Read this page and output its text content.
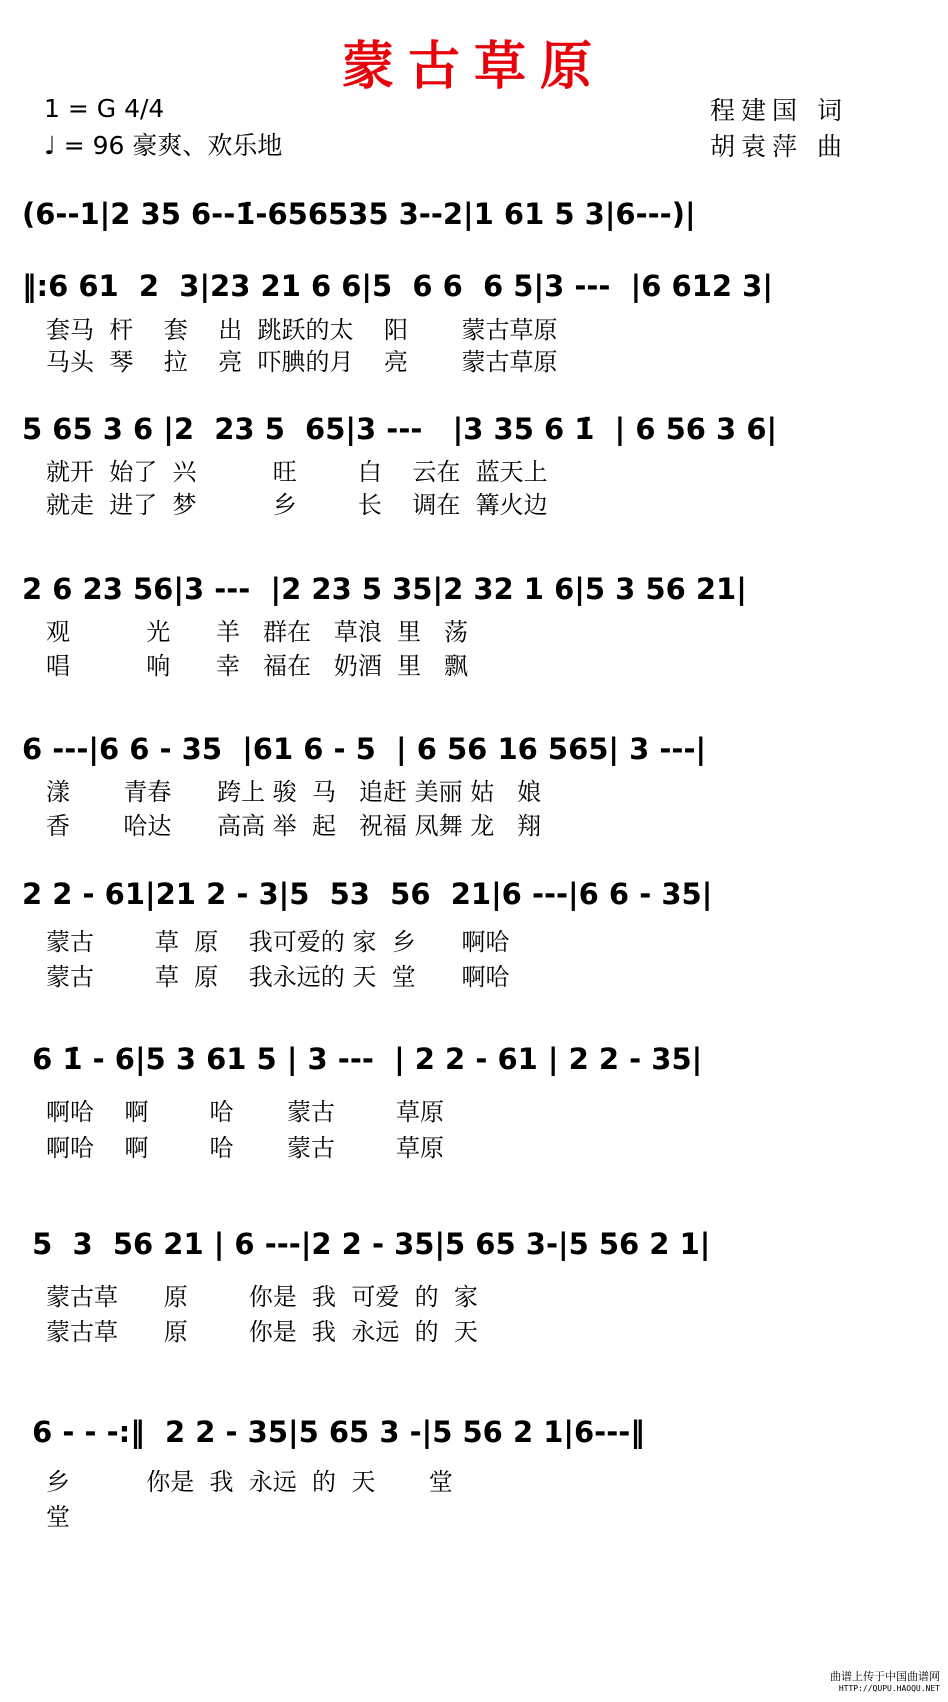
蒙古草原
1 = G 4/4
♩ = 96 豪爽、欢乐地
程建国 词
胡袁萍 曲
(6--1|2 35 6--1̇-656535 3--2|1 61 5 3|6---)|
‖:6 61  2  3|23 21 6 6|5  6 6  6 5|3 ---  |6 612 3|
套马  杆    套    出  跳跃的太    阳       蒙古草原
马头  琴    拉    亮  吓腆的月    亮       蒙古草原
5 65 3 6 |2  23 5  65|3 ---   |3 35 6 1̇  | 6 56 3 6|
就开  始了  兴          旺        白    云在  蓝天上
就走  进了  梦          乡        长    调在  篝火边
2 6 23 56|3 ---  |2 23 5 35|2 32 1 6|5 3 56 21|
观          光      羊   群在   草浪  里   荡
唱          响      幸   福在   奶酒  里   飘
6 ---|6 6 - 35  |61 6 - 5  | 6 56 16 565| 3 ---|
漾       青春      跨上 骏  马   追赶 美丽 姑   娘
香       哈达      高高 举  起   祝福 凤舞 龙   翔
2 2 - 61|21 2 - 3|5  53  56  21|6 ---|6 6 - 35|
蒙古        草  原    我可爱的 家  乡      啊哈
蒙古        草  原    我永远的 天  堂      啊哈
6 1̇ - 6|5 3 61 5 | 3 ---  | 2 2 - 61 | 2 2 - 35|
啊哈    啊        哈       蒙古        草原
啊哈    啊        哈       蒙古        草原
5  3  56 21 | 6 ---|2 2 - 35|5 65 3-|5 56 2 1|
蒙古草      原        你是  我  可爱  的  家
蒙古草      原        你是  我  永远  的  天
6 - - -:‖  2 2 - 35|5 65 3 -|5 56 2 1|6---‖
乡          你是  我  永远  的  天       堂
堂
曲谱上传于中国曲谱网
HTTP://QUPU.HAOQU.NET
